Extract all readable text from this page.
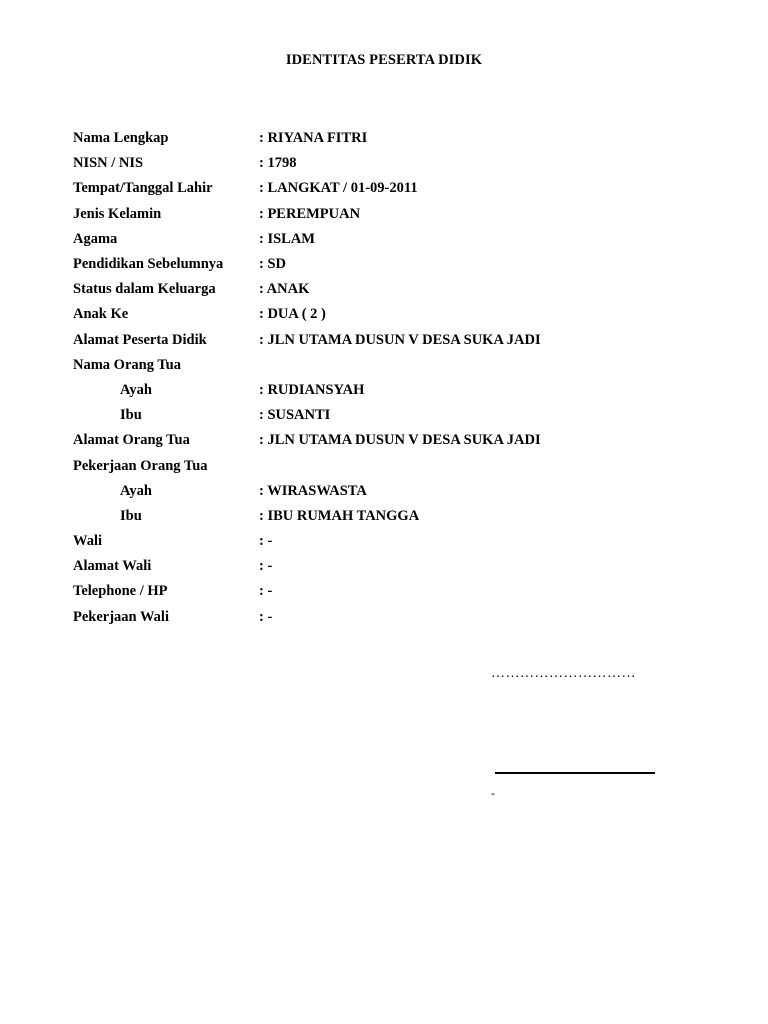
IDENTITAS PESERTA DIDIK
Nama Lengkap	: RIYANA FITRI
NISN / NIS	: 1798
Tempat/Tanggal Lahir	: LANGKAT / 01-09-2011
Jenis Kelamin	: PEREMPUAN
Agama	: ISLAM
Pendidikan Sebelumnya	: SD
Status dalam Keluarga	: ANAK
Anak Ke	: DUA ( 2 )
Alamat Peserta Didik	: JLN UTAMA DUSUN V DESA SUKA JADI
Nama Orang Tua
Ayah	: RUDIANSYAH
Ibu	: SUSANTI
Alamat Orang Tua	: JLN UTAMA DUSUN V DESA SUKA JADI
Pekerjaan Orang Tua
Ayah	: WIRASWASTA
Ibu	: IBU RUMAH TANGGA
Wali	: -
Alamat Wali	: -
Telephone / HP	: -
Pekerjaan Wali	: -
…………………………
-
